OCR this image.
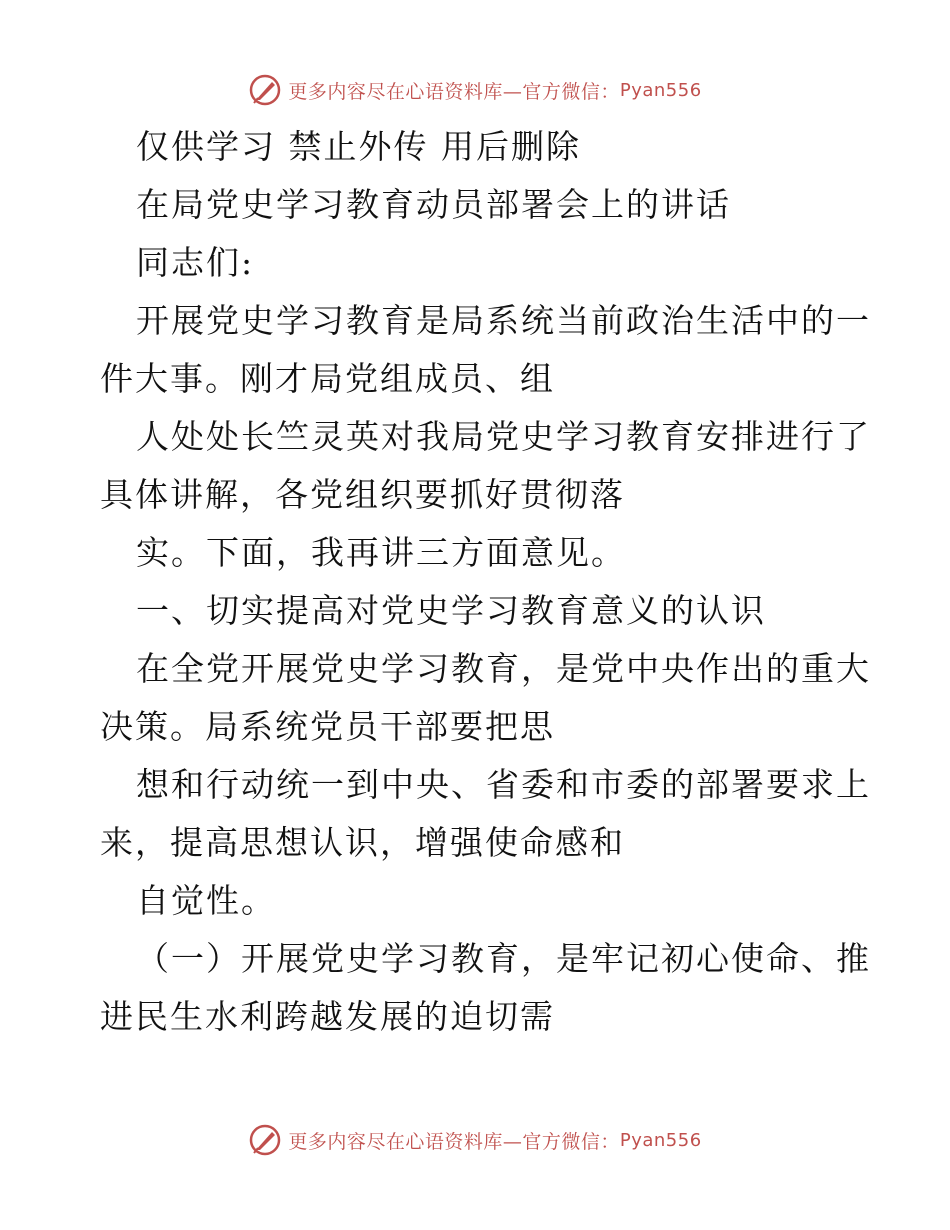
更多内容尽在心语资料库—官方微信： Pyan556
仅供学习 禁止外传 用后删除
在局党史学习教育动员部署会上的讲话
同志们:
开展党史学习教育是局系统当前政治生活中的一
件大事。刚才局党组成员、组
人处处长竺灵英对我局党史学习教育安排进行了
具体讲解，各党组织要抓好贯彻落
实。下面，我再讲三方面意见。
一、切实提高对党史学习教育意义的认识
在全党开展党史学习教育，是党中央作出的重大
决策。局系统党员干部要把思
想和行动统一到中央、省委和市委的部署要求上
来，提高思想认识，增强使命感和
自觉性。
（一）开展党史学习教育，是牢记初心使命、推
进民生水利跨越发展的迫切需
更多内容尽在心语资料库—官方微信： Pyan556
